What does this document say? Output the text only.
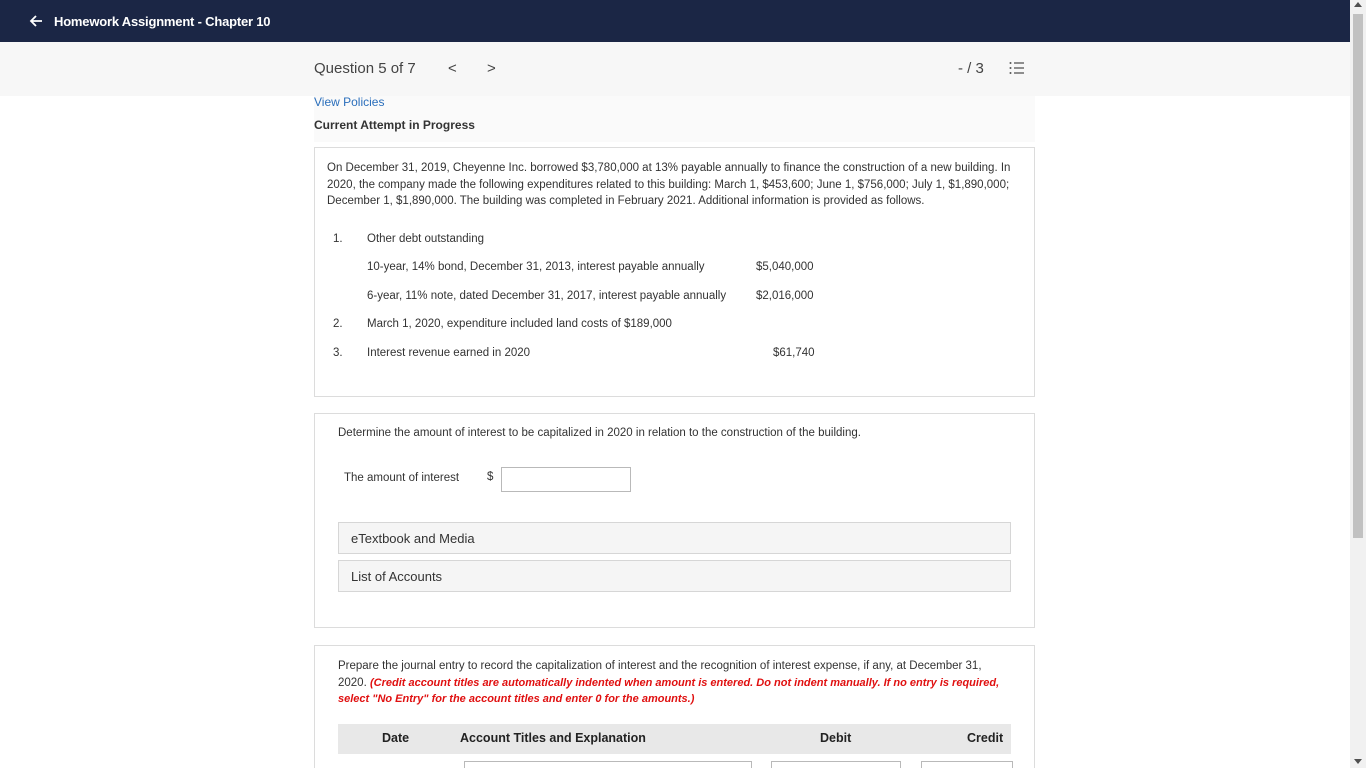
Homework Assignment - Chapter 10
Question 5 of 7 < >	- / 3
View Policies
Current Attempt in Progress
On December 31, 2019, Cheyenne Inc. borrowed $3,780,000 at 13% payable annually to finance the construction of a new building. In 2020, the company made the following expenditures related to this building: March 1, $453,600; June 1, $756,000; July 1, $1,890,000; December 1, $1,890,000. The building was completed in February 2021. Additional information is provided as follows.
1. Other debt outstanding
10-year, 14% bond, December 31, 2013, interest payable annually	$5,040,000
6-year, 11% note, dated December 31, 2017, interest payable annually	$2,016,000
2. March 1, 2020, expenditure included land costs of $189,000
3. Interest revenue earned in 2020	$61,740
Determine the amount of interest to be capitalized in 2020 in relation to the construction of the building.
The amount of interest $
eTextbook and Media
List of Accounts
Prepare the journal entry to record the capitalization of interest and the recognition of interest expense, if any, at December 31, 2020. (Credit account titles are automatically indented when amount is entered. Do not indent manually. If no entry is required, select "No Entry" for the account titles and enter 0 for the amounts.)
Date	Account Titles and Explanation	Debit	Credit
